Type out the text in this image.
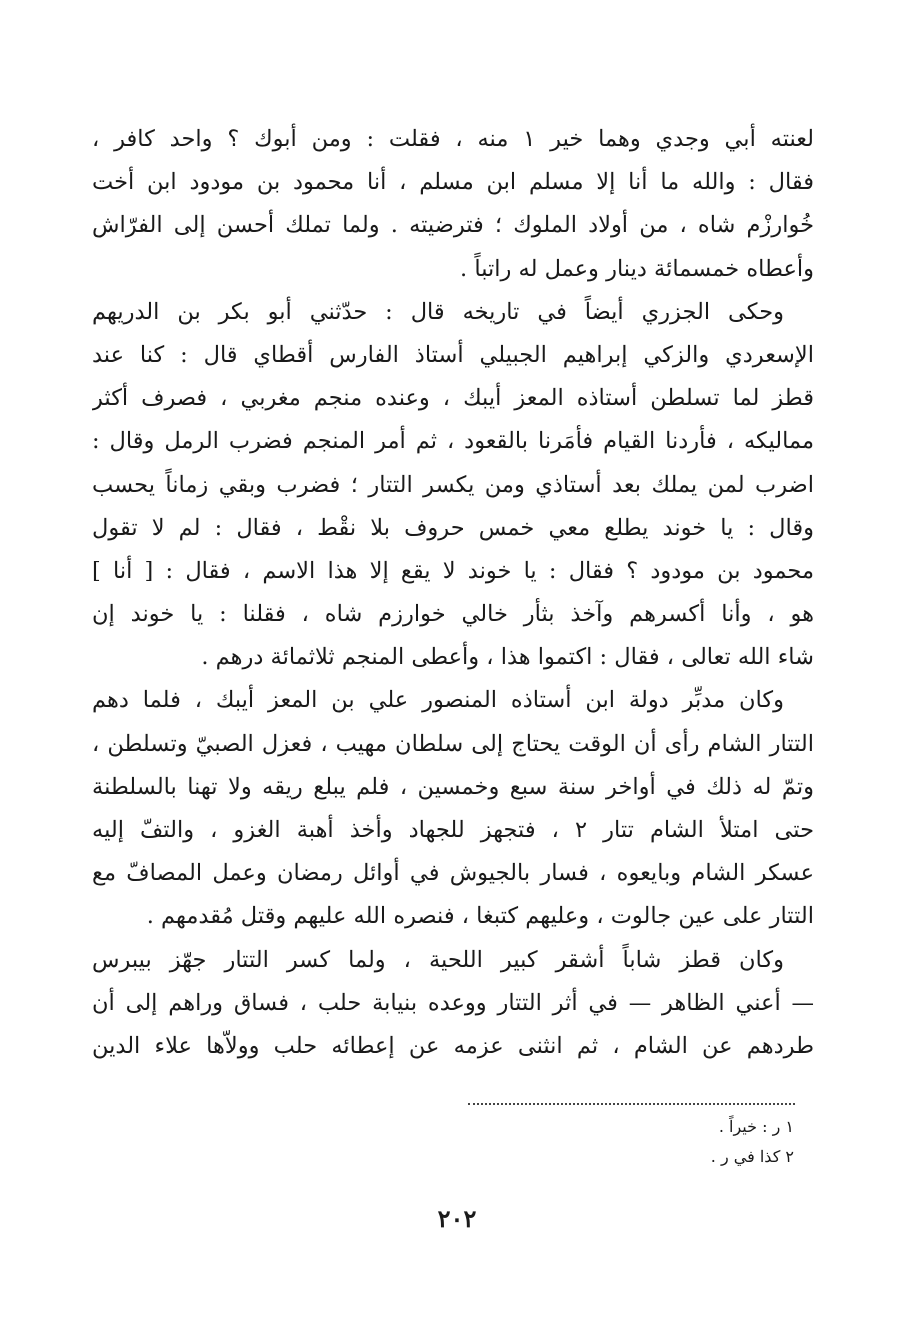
لعنته أبي وجدي وهما خير ١ منه ، فقلت : ومن أبوك ؟ واحد كافر ،
فقال : والله ما أنا إلا مسلم ابن مسلم ، أنا محمود بن مودود ابن أخت
خُوارزْم شاه ، من أولاد الملوك ؛ فترضيته . ولما تملك أحسن إلى الفرّاش
وأعطاه خمسمائة دينار وعمل له راتباً .
وحكى الجزري أيضاً في تاريخه قال : حدّثني أبو بكر بن الدريهم
الإسعردي والزكي إبراهيم الجبيلي أستاذ الفارس أقطاي قال : كنا عند
قطز لما تسلطن أستاذه المعز أيبك ، وعنده منجم مغربي ، فصرف أكثر
مماليكه ، فأردنا القيام فأمَرنا بالقعود ، ثم أمر المنجم فضرب الرمل وقال :
اضرب لمن يملك بعد أستاذي ومن يكسر التتار ؛ فضرب وبقي زماناً يحسب
وقال : يا خوند يطلع معي خمس حروف بلا نقْط ، فقال : لم لا تقول
محمود بن مودود ؟ فقال : يا خوند لا يقع إلا هذا الاسم ، فقال : [ أنا ]
هو ، وأنا أكسرهم وآخذ بثأر خالي خوارزم شاه ، فقلنا : يا خوند إن
شاء الله تعالى ، فقال : اكتموا هذا ، وأعطى المنجم ثلاثمائة درهم .
وكان مدبِّر دولة ابن أستاذه المنصور علي بن المعز أيبك ، فلما دهم
التتار الشام رأى أن الوقت يحتاج إلى سلطان مهيب ، فعزل الصبيّ وتسلطن ،
وتمّ له ذلك في أواخر سنة سبع وخمسين ، فلم يبلع ريقه ولا تهنا بالسلطنة
حتى امتلأ الشام تتار ٢ ، فتجهز للجهاد وأخذ أهبة الغزو ، والتفّ إليه
عسكر الشام وبايعوه ، فسار بالجيوش في أوائل رمضان وعمل المصافّ مع
التتار على عين جالوت ، وعليهم كتبغا ، فنصره الله عليهم وقتل مُقدمهم .
وكان قطز شاباً أشقر كبير اللحية ، ولما كسر التتار جهّز بيبرس
— أعني الظاهر — في أثر التتار ووعده بنيابة حلب ، فساق وراهم إلى أن
طردهم عن الشام ، ثم انثنى عزمه عن إعطائه حلب وولاّها علاء الدين
١ ر : خيراً .
٢ كذا في ر .
٢٠٢
